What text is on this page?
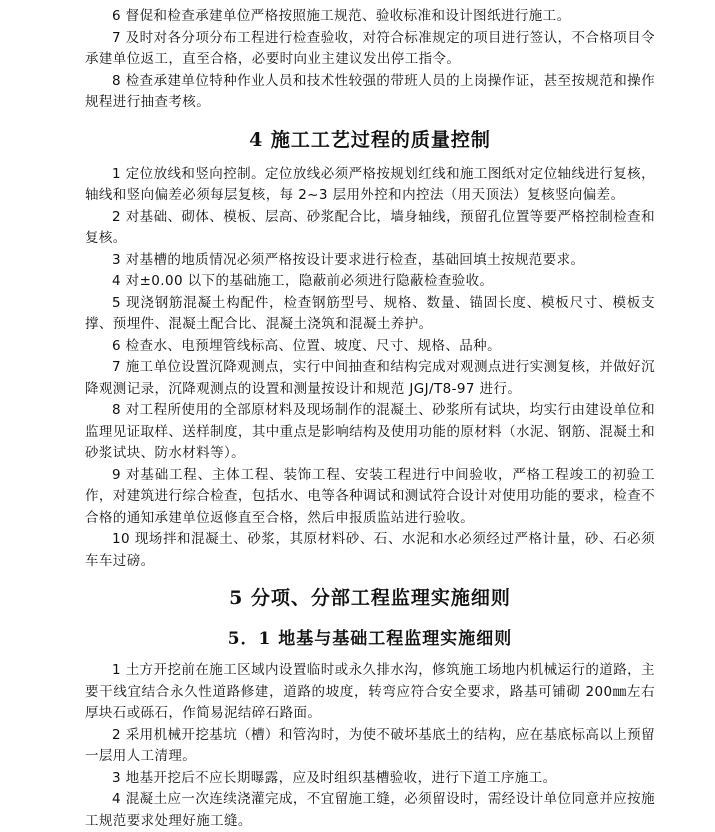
6 督促和检查承建单位严格按照施工规范、验收标准和设计图纸进行施工。

7 及时对各分项分布工程进行检查验收，对符合标准规定的项目进行签认，不合格项目令承建单位返工，直至合格，必要时向业主建议发出停工指令。

8 检查承建单位特种作业人员和技术性较强的带班人员的上岗操作证，甚至按规范和操作规程进行抽查考核。

4 施工工艺过程的质量控制

1 定位放线和竖向控制。定位放线必须严格按规划红线和施工图纸对定位轴线进行复核，轴线和竖向偏差必须每层复核，每 2~3 层用外控和内控法（用天顶法）复核竖向偏差。

2 对基础、砌体、模板、层高、砂浆配合比，墙身轴线，预留孔位置等要严格控制检查和复核。

3 对基槽的地质情况必须严格按设计要求进行检查，基础回填土按规范要求。

4 对±0.00 以下的基础施工，隐蔽前必须进行隐蔽检查验收。

5 现浇钢筋混凝土构配件，检查钢筋型号、规格、数量、锚固长度、模板尺寸、模板支撑、预埋件、混凝土配合比、混凝土浇筑和混凝土养护。

6 检查水、电预埋管线标高、位置、坡度、尺寸、规格、品种。

7 施工单位设置沉降观测点，实行中间抽查和结构完成对观测点进行实测复核，并做好沉降观测记录，沉降观测点的设置和测量按设计和规范 JGJ/T8-97 进行。

8 对工程所使用的全部原材料及现场制作的混凝土、砂浆所有试块，均实行由建设单位和监理见证取样、送样制度，其中重点是影响结构及使用功能的原材料（水泥、钢筋、混凝土和砂浆试块、防水材料等）。

9 对基础工程、主体工程、装饰工程、安装工程进行中间验收，严格工程竣工的初验工作，对建筑进行综合检查，包括水、电等各种调试和测试符合设计对使用功能的要求，检查不合格的通知承建单位返修直至合格，然后申报质监站进行验收。

10 现场拌和混凝土、砂浆，其原材料砂、石、水泥和水必须经过严格计量，砂、石必须车车过磅。

5 分项、分部工程监理实施细则
5．1 地基与基础工程监理实施细则

1 土方开挖前在施工区域内设置临时或永久排水沟，修筑施工场地内机械运行的道路，主要干线宜结合永久性道路修建，道路的坡度，转弯应符合安全要求，路基可铺砌 200㎜左右厚块石或砾石，作简易泥结碎石路面。

2 采用机械开挖基坑（槽）和管沟时，为使不破坏基底土的结构，应在基底标高以上预留一层用人工清理。

3 地基开挖后不应长期曝露，应及时组织基槽验收，进行下道工序施工。

4 混凝土应一次连续浇灌完成，不宜留施工缝，必须留设时，需经设计单位同意并应按施工规范要求处理好施工缝。
